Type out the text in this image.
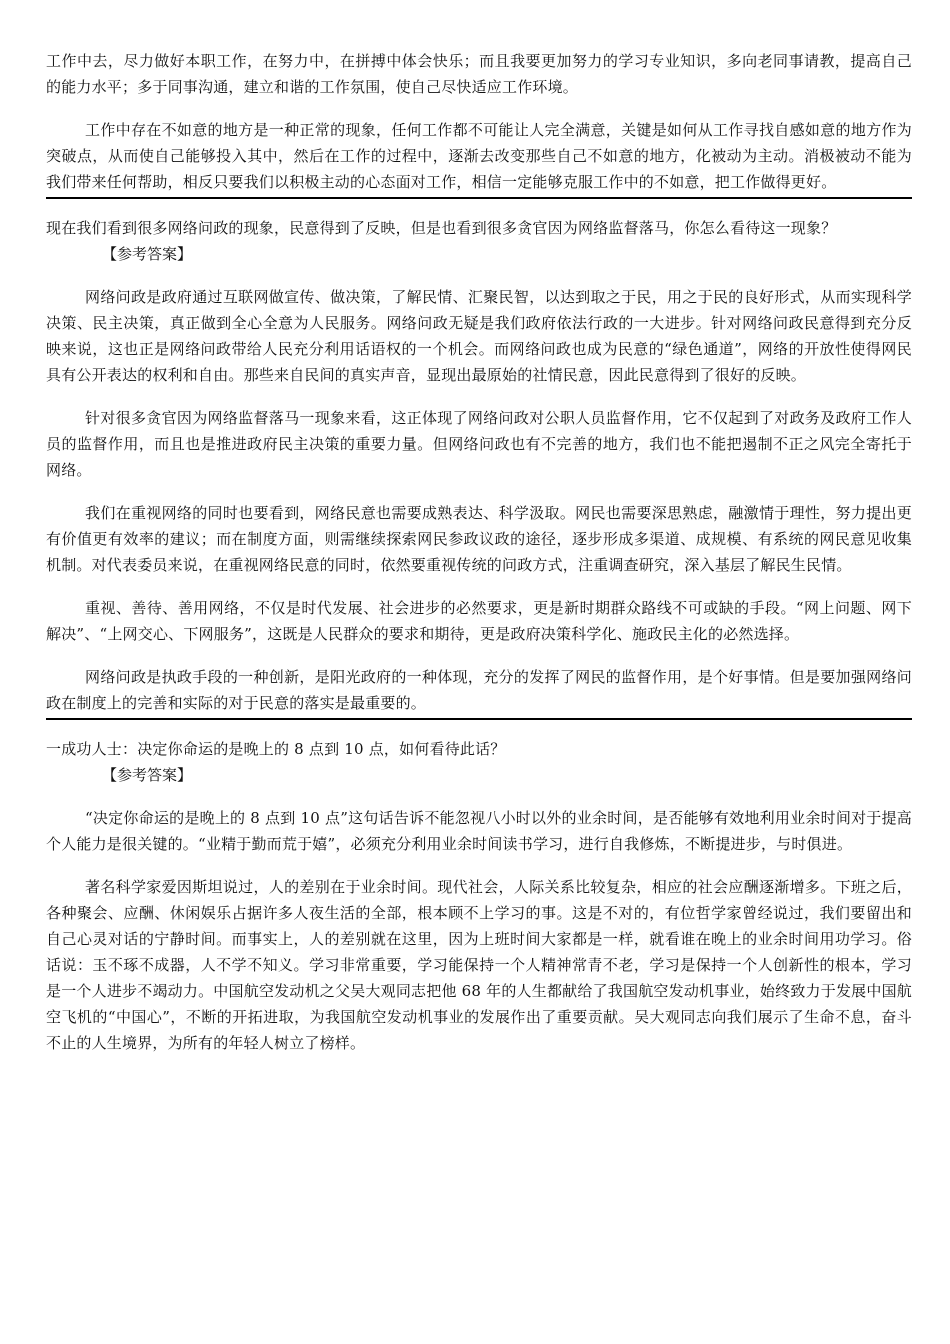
工作中去，尽力做好本职工作，在努力中，在拼搏中体会快乐；而且我要更加努力的学习专业知识，多向老同事请教，提高自己的能力水平；多于同事沟通，建立和谐的工作氛围，使自己尽快适应工作环境。

工作中存在不如意的地方是一种正常的现象，任何工作都不可能让人完全满意，关键是如何从工作寻找自感如意的地方作为突破点，从而使自己能够投入其中，然后在工作的过程中，逐渐去改变那些自己不如意的地方，化被动为主动。消极被动不能为我们带来任何帮助，相反只要我们以积极主动的心态面对工作，相信一定能够克服工作中的不如意，把工作做得更好。

现在我们看到很多网络问政的现象，民意得到了反映，但是也看到很多贪官因为网络监督落马，你怎么看待这一现象？

【参考答案】

网络问政是政府通过互联网做宣传、做决策，了解民情、汇聚民智，以达到取之于民，用之于民的良好形式，从而实现科学决策、民主决策，真正做到全心全意为人民服务。网络问政无疑是我们政府依法行政的一大进步。针对网络问政民意得到充分反映来说，这也正是网络问政带给人民充分利用话语权的一个机会。而网络问政也成为民意的“绿色通道”，网络的开放性使得网民具有公开表达的权利和自由。那些来自民间的真实声音，显现出最原始的社情民意，因此民意得到了很好的反映。

针对很多贪官因为网络监督落马一现象来看，这正体现了网络问政对公职人员监督作用，它不仅起到了对政务及政府工作人员的监督作用，而且也是推进政府民主决策的重要力量。但网络问政也有不完善的地方，我们也不能把遏制不正之风完全寄托于网络。

我们在重视网络的同时也要看到，网络民意也需要成熟表达、科学汲取。网民也需要深思熟虑，融激情于理性，努力提出更有价值更有效率的建议；而在制度方面，则需继续探索网民参政议政的途径，逐步形成多渠道、成规模、有系统的网民意见收集机制。对代表委员来说，在重视网络民意的同时，依然要重视传统的问政方式，注重调查研究，深入基层了解民生民情。

重视、善待、善用网络，不仅是时代发展、社会进步的必然要求，更是新时期群众路线不可或缺的手段。“网上问题、网下解决”、“上网交心、下网服务”，这既是人民群众的要求和期待，更是政府决策科学化、施政民主化的必然选择。

网络问政是执政手段的一种创新，是阳光政府的一种体现，充分的发挥了网民的监督作用，是个好事情。但是要加强网络问政在制度上的完善和实际的对于民意的落实是最重要的。

一成功人士：决定你命运的是晚上的 8 点到 10 点，如何看待此话？

【参考答案】

“决定你命运的是晚上的 8 点到 10 点”这句话告诉不能忽视八小时以外的业余时间，是否能够有效地利用业余时间对于提高个人能力是很关键的。“业精于勤而荒于嬉”，必须充分利用业余时间读书学习，进行自我修炼，不断提进步，与时俱进。

著名科学家爱因斯坦说过，人的差别在于业余时间。现代社会，人际关系比较复杂，相应的社会应酬逐渐增多。下班之后，各种聚会、应酬、休闲娱乐占据许多人夜生活的全部，根本顾不上学习的事。这是不对的，有位哲学家曾经说过，我们要留出和自己心灵对话的宁静时间。而事实上，人的差别就在这里，因为上班时间大家都是一样，就看谁在晚上的业余时间用功学习。俗话说：玉不琢不成器，人不学不知义。学习非常重要，学习能保持一个人精神常青不老，学习是保持一个人创新性的根本，学习是一个人进步不竭动力。中国航空发动机之父吴大观同志把他 68 年的人生都献给了我国航空发动机事业，始终致力于发展中国航空飞机的“中国心”，不断的开拓进取，为我国航空发动机事业的发展作出了重要贡献。吴大观同志向我们展示了生命不息，奋斗不止的人生境界，为所有的年轻人树立了榜样。
